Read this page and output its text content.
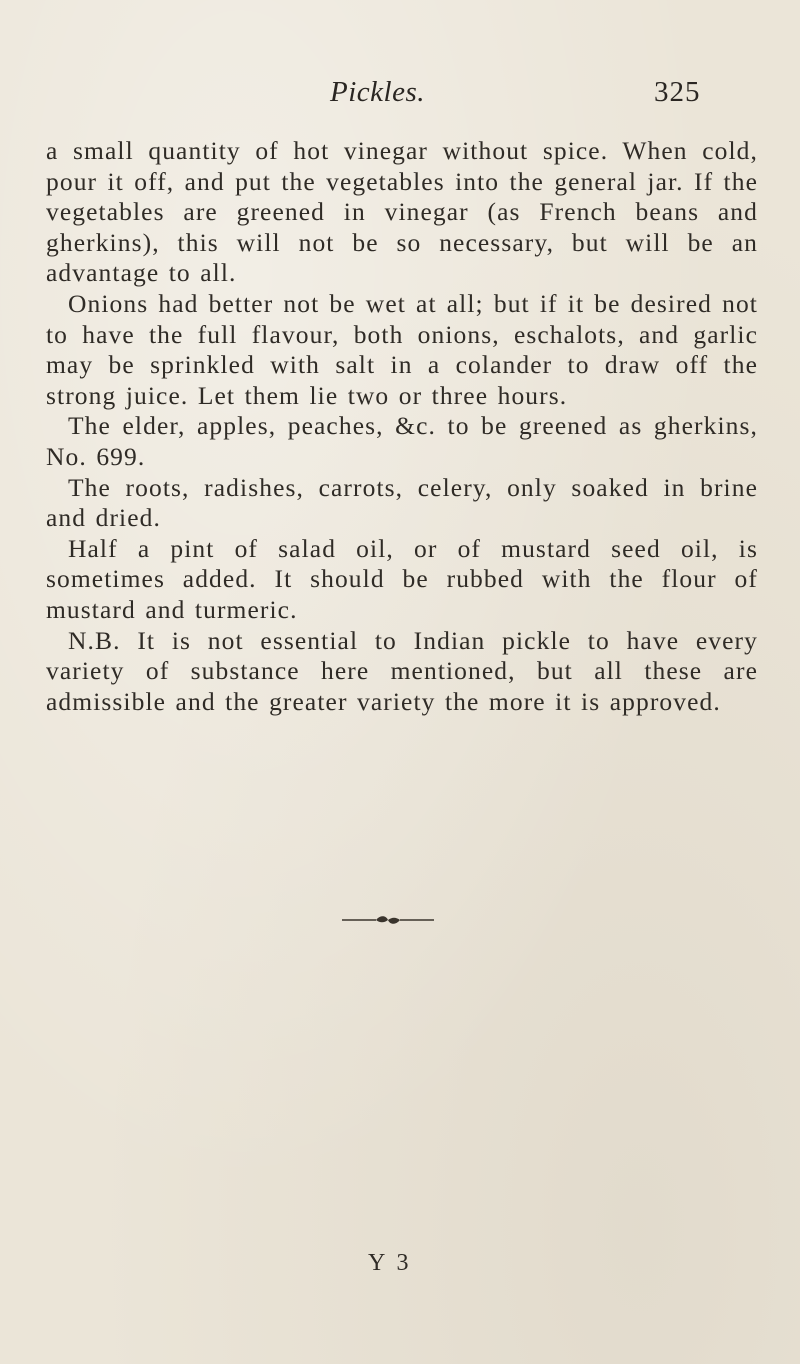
Pickles.	325

a small quantity of hot vinegar without spice. When cold, pour it off, and put the vegetables into the general jar. If the vegetables are greened in vinegar (as French beans and gherkins), this will not be so necessary, but will be an advantage to all.

Onions had better not be wet at all; but if it be desired not to have the full flavour, both onions, eschalots, and garlic may be sprinkled with salt in a colander to draw off the strong juice. Let them lie two or three hours.

The elder, apples, peaches, &c. to be greened as gherkins, No. 699.

The roots, radishes, carrots, celery, only soaked in brine and dried.

Half a pint of salad oil, or of mustard seed oil, is sometimes added. It should be rubbed with the flour of mustard and turmeric.

N.B. It is not essential to Indian pickle to have every variety of substance here mentioned, but all these are admissible and the greater variety the more it is approved.

Y 3
